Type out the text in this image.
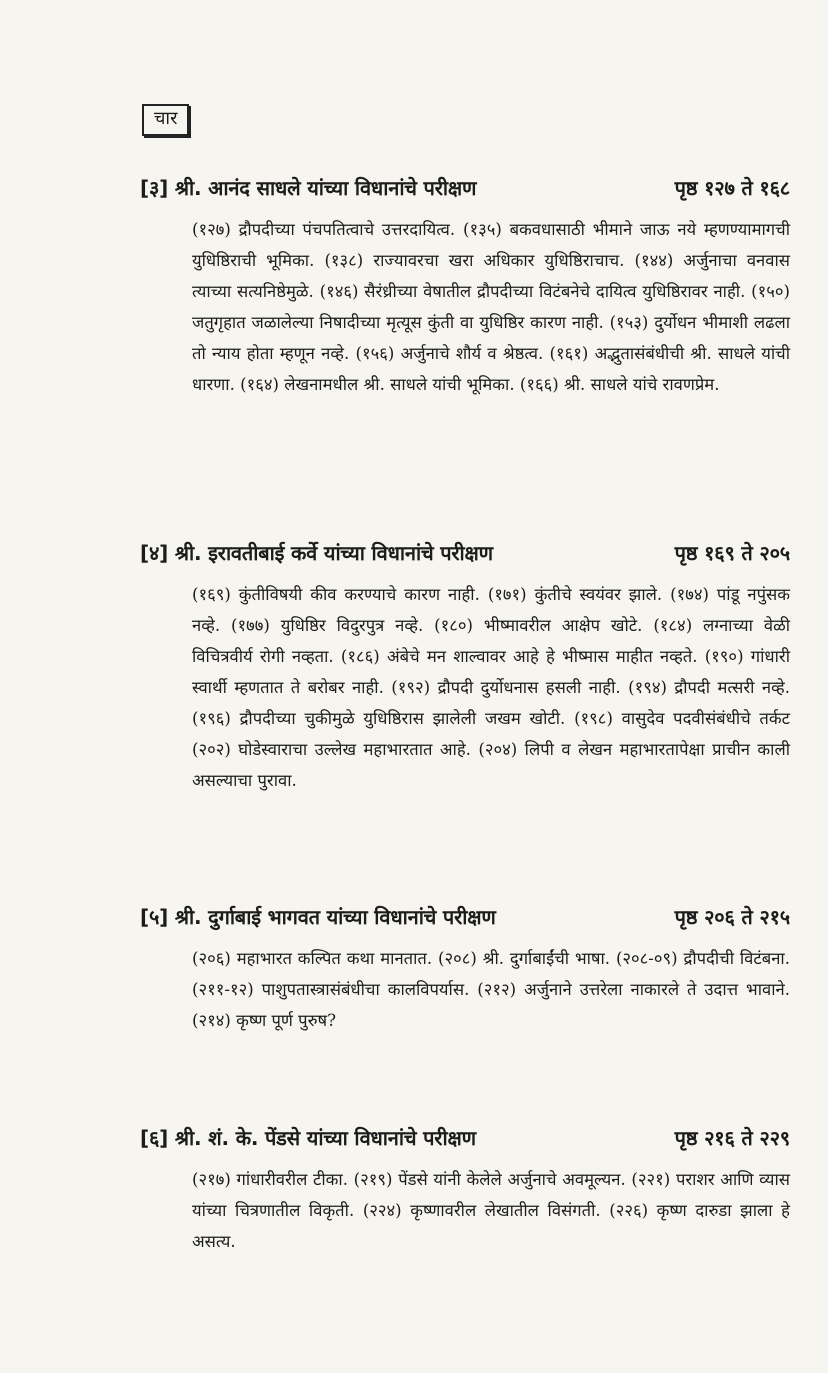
चार
[३] श्री. आनंद साधले यांच्या विधानांचे परीक्षण	पृष्ठ १२७ ते १६८
(१२७) द्रौपदीच्या पंचपतित्वाचे उत्तरदायित्व. (१३५) बकवधासाठी भीमाने जाऊ नये म्हणण्यामागची युधिष्ठिराची भूमिका. (१३८) राज्यावरचा खरा अधिकार युधिष्ठिराचाच. (१४४) अर्जुनाचा वनवास त्याच्या सत्यनिष्ठेमुळे. (१४६) सैरंध्रीच्या वेषातील द्रौपदीच्या विटंबनेचे दायित्व युधिष्ठिरावर नाही. (१५०) जतुगृहात जळालेल्या निषादीच्या मृत्यूस कुंती वा युधिष्ठिर कारण नाही. (१५३) दुर्योधन भीमाशी लढला तो न्याय होता म्हणून नव्हे. (१५६) अर्जुनाचे शौर्य व श्रेष्ठत्व. (१६१) अद्भुतासंबंधीची श्री. साधले यांची धारणा. (१६४) लेखनामधील श्री. साधले यांची भूमिका. (१६६) श्री. साधले यांचे रावणप्रेम.
[४] श्री. इरावतीबाई कर्वे यांच्या विधानांचे परीक्षण	पृष्ठ १६९ ते २०५
(१६९) कुंतीविषयी कीव करण्याचे कारण नाही. (१७१) कुंतीचे स्वयंवर झाले. (१७४) पांडू नपुंसक नव्हे. (१७७) युधिष्ठिर विदुरपुत्र नव्हे. (१८०) भीष्मावरील आक्षेप खोटे. (१८४) लग्नाच्या वेळी विचित्रवीर्य रोगी नव्हता. (१८६) अंबेचे मन शाल्वावर आहे हे भीष्मास माहीत नव्हते. (१९०) गांधारी स्वार्थी म्हणतात ते बरोबर नाही. (१९२) द्रौपदी दुर्योधनास हसली नाही. (१९४) द्रौपदी मत्सरी नव्हे. (१९६) द्रौपदीच्या चुकीमुळे युधिष्ठिरास झालेली जखम खोटी. (१९८) वासुदेव पदवीसंबंधीचे तर्कट (२०२) घोडेस्वाराचा उल्लेख महाभारतात आहे. (२०४) लिपी व लेखन महाभारतापेक्षा प्राचीन काली असल्याचा पुरावा.
[५] श्री. दुर्गाबाई भागवत यांच्या विधानांचे परीक्षण	पृष्ठ २०६ ते २१५
(२०६) महाभारत कल्पित कथा मानतात. (२०८) श्री. दुर्गाबाईंची भाषा. (२०८-०९) द्रौपदीची विटंबना. (२११-१२) पाशुपतास्त्रासंबंधीचा कालविपर्यास. (२१२) अर्जुनाने उत्तरेला नाकारले ते उदात्त भावाने. (२१४) कृष्ण पूर्ण पुरुष?
[६] श्री. शं. के. पेंडसे यांच्या विधानांचे परीक्षण	पृष्ठ २१६ ते २२९
(२१७) गांधारीवरील टीका. (२१९) पेंडसे यांनी केलेले अर्जुनाचे अवमूल्यन. (२२१) पराशर आणि व्यास यांच्या चित्रणातील विकृती. (२२४) कृष्णावरील लेखातील विसंगती. (२२६) कृष्ण दारुडा झाला हे असत्य.
